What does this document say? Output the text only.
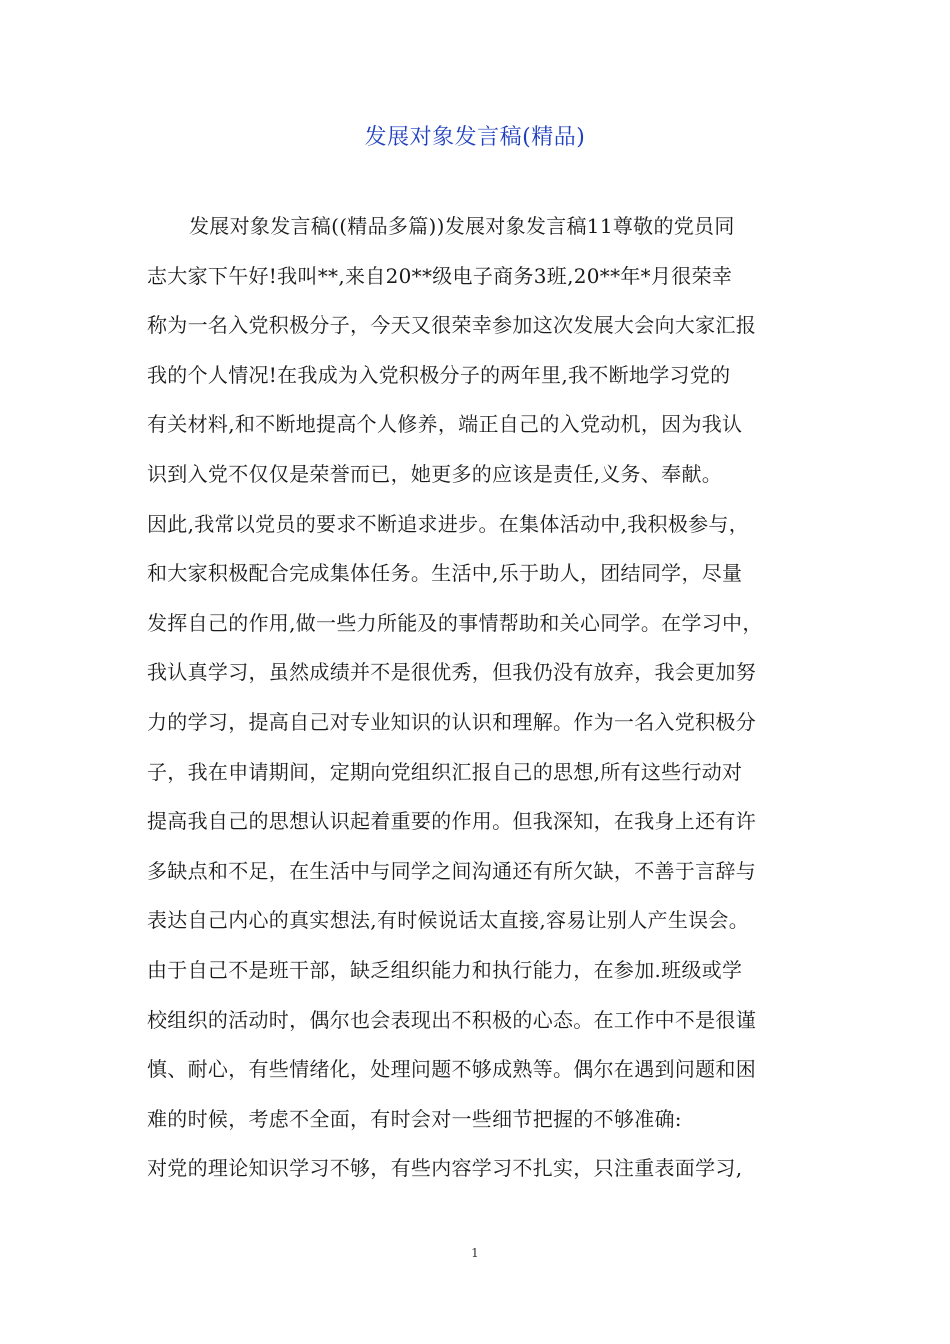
发展对象发言稿(精品)
发展对象发言稿((精品多篇))发展对象发言稿11尊敬的党员同
志大家下午好!我叫**,来自20**级电子商务3班,20**年*月很荣幸
称为一名入党积极分子，今天又很荣幸参加这次发展大会向大家汇报
我的个人情况!在我成为入党积极分子的两年里,我不断地学习党的
有关材料,和不断地提高个人修养，端正自己的入党动机，因为我认
识到入党不仅仅是荣誉而已，她更多的应该是责任,义务、奉献。
因此,我常以党员的要求不断追求进步。在集体活动中,我积极参与，
和大家积极配合完成集体任务。生活中,乐于助人，团结同学，尽量
发挥自己的作用,做一些力所能及的事情帮助和关心同学。在学习中，
我认真学习，虽然成绩并不是很优秀，但我仍没有放弃，我会更加努
力的学习，提高自己对专业知识的认识和理解。作为一名入党积极分
子，我在申请期间，定期向党组织汇报自己的思想,所有这些行动对
提高我自己的思想认识起着重要的作用。但我深知，在我身上还有许
多缺点和不足，在生活中与同学之间沟通还有所欠缺，不善于言辞与
表达自己内心的真实想法,有时候说话太直接,容易让别人产生误会。
由于自己不是班干部，缺乏组织能力和执行能力，在参加.班级或学
校组织的活动时，偶尔也会表现出不积极的心态。在工作中不是很谨
慎、耐心，有些情绪化，处理问题不够成熟等。偶尔在遇到问题和困
难的时候，考虑不全面，有时会对一些细节把握的不够准确:
对党的理论知识学习不够，有些内容学习不扎实，只注重表面学习,
1
